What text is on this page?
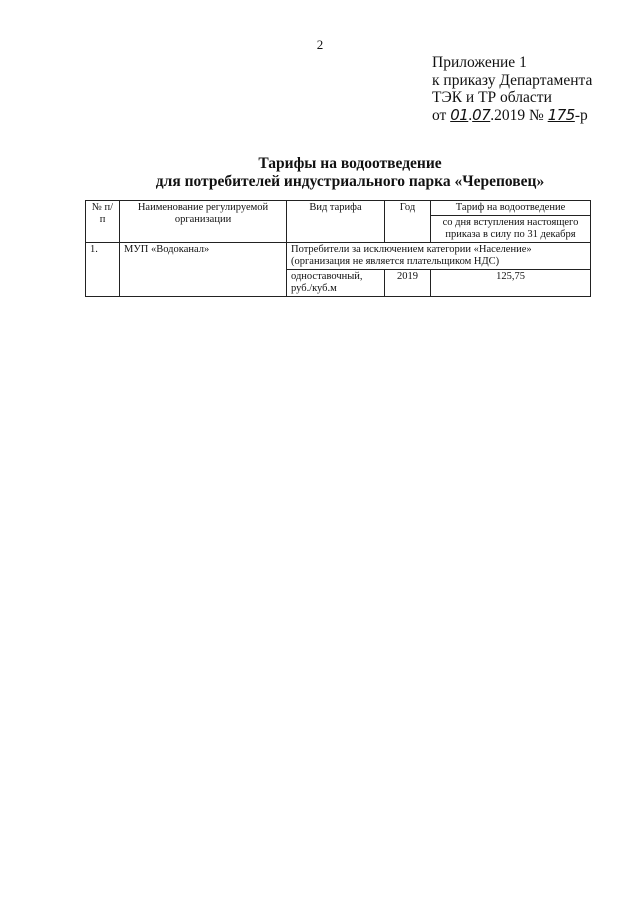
2
Приложение 1
к приказу Департамента
ТЭК и ТР области
от 01.07.2019 № 175-р
Тарифы на водоотведение
для потребителей индустриального парка «Череповец»
№ п/п	Наименование регулируемой организации	Вид тарифа	Год	Тариф на водоотведение
				со дня вступления настоящего приказа в силу по 31 декабря
1.	МУП «Водоканал»	Потребители за исключением категории «Население» (организация не является плательщиком НДС)		
		одноставочный, руб./куб.м	2019	125,75
